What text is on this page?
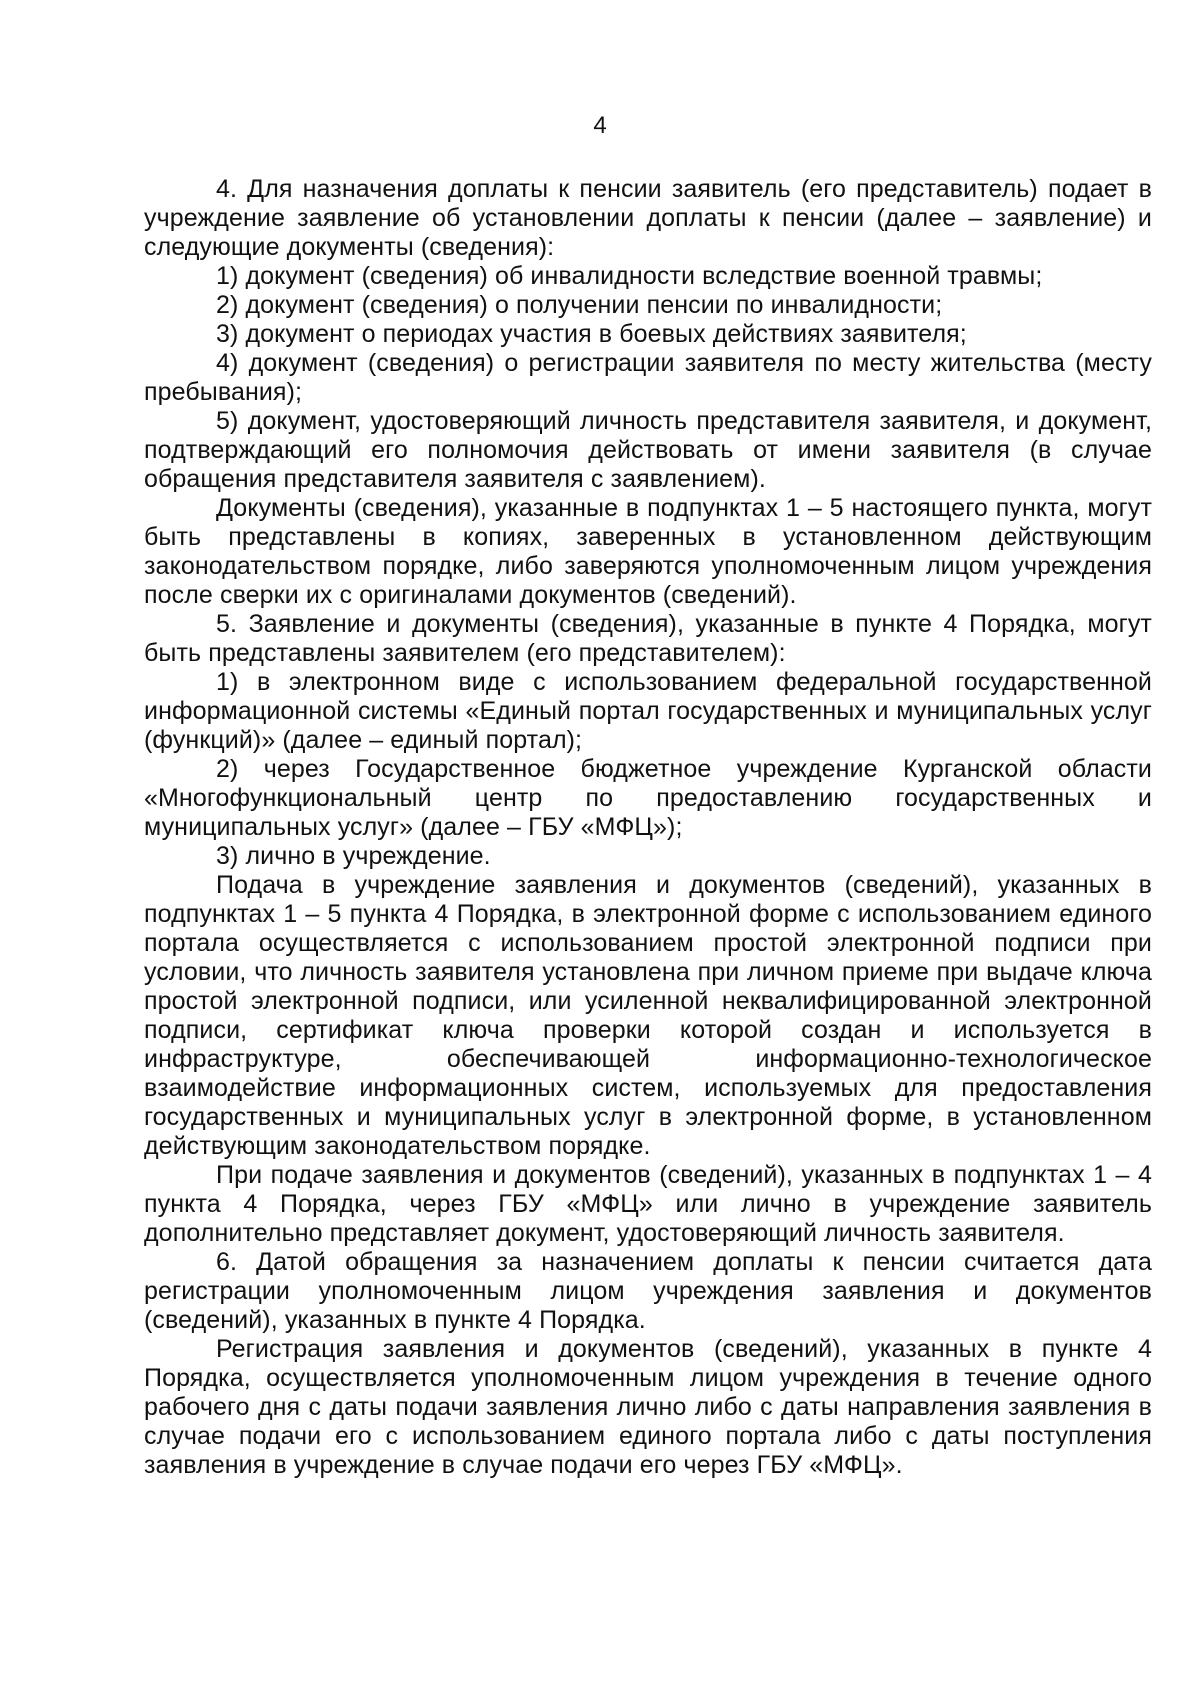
4

4. Для назначения доплаты к пенсии заявитель (его представитель) подает в учреждение заявление об установлении доплаты к пенсии (далее – заявление) и следующие документы (сведения):

1) документ (сведения) об инвалидности вследствие военной травмы;

2) документ (сведения) о получении пенсии по инвалидности;

3) документ о периодах участия в боевых действиях заявителя;

4) документ (сведения) о регистрации заявителя по месту жительства (месту пребывания);

5) документ, удостоверяющий личность представителя заявителя, и документ, подтверждающий его полномочия действовать от имени заявителя (в случае обращения представителя заявителя с заявлением).

Документы (сведения), указанные в подпунктах 1 – 5 настоящего пункта, могут быть представлены в копиях, заверенных в установленном действующим законодательством порядке, либо заверяются уполномоченным лицом учреждения после сверки их с оригиналами документов (сведений).

5. Заявление и документы (сведения), указанные в пункте 4 Порядка, могут быть представлены заявителем (его представителем):

1) в электронном виде с использованием федеральной государственной информационной системы «Единый портал государственных и муниципальных услуг (функций)» (далее – единый портал);

2) через Государственное бюджетное учреждение Курганской области «Многофункциональный центр по предоставлению государственных и муниципальных услуг» (далее – ГБУ «МФЦ»);

3) лично в учреждение.

Подача в учреждение заявления и документов (сведений), указанных в подпунктах 1 – 5 пункта 4 Порядка, в электронной форме с использованием единого портала осуществляется с использованием простой электронной подписи при условии, что личность заявителя установлена при личном приеме при выдаче ключа простой электронной подписи, или усиленной неквалифицированной электронной подписи, сертификат ключа проверки которой создан и используется в инфраструктуре, обеспечивающей информационно-технологическое взаимодействие информационных систем, используемых для предоставления государственных и муниципальных услуг в электронной форме, в установленном действующим законодательством порядке.

При подаче заявления и документов (сведений), указанных в подпунктах 1 – 4 пункта 4 Порядка, через ГБУ «МФЦ» или лично в учреждение заявитель дополнительно представляет документ, удостоверяющий личность заявителя.

6. Датой обращения за назначением доплаты к пенсии считается дата регистрации уполномоченным лицом учреждения заявления и документов (сведений), указанных в пункте 4 Порядка.

Регистрация заявления и документов (сведений), указанных в пункте 4 Порядка, осуществляется уполномоченным лицом учреждения в течение одного рабочего дня с даты подачи заявления лично либо с даты направления заявления в случае подачи его с использованием единого портала либо с даты поступления заявления в учреждение в случае подачи его через ГБУ «МФЦ».
